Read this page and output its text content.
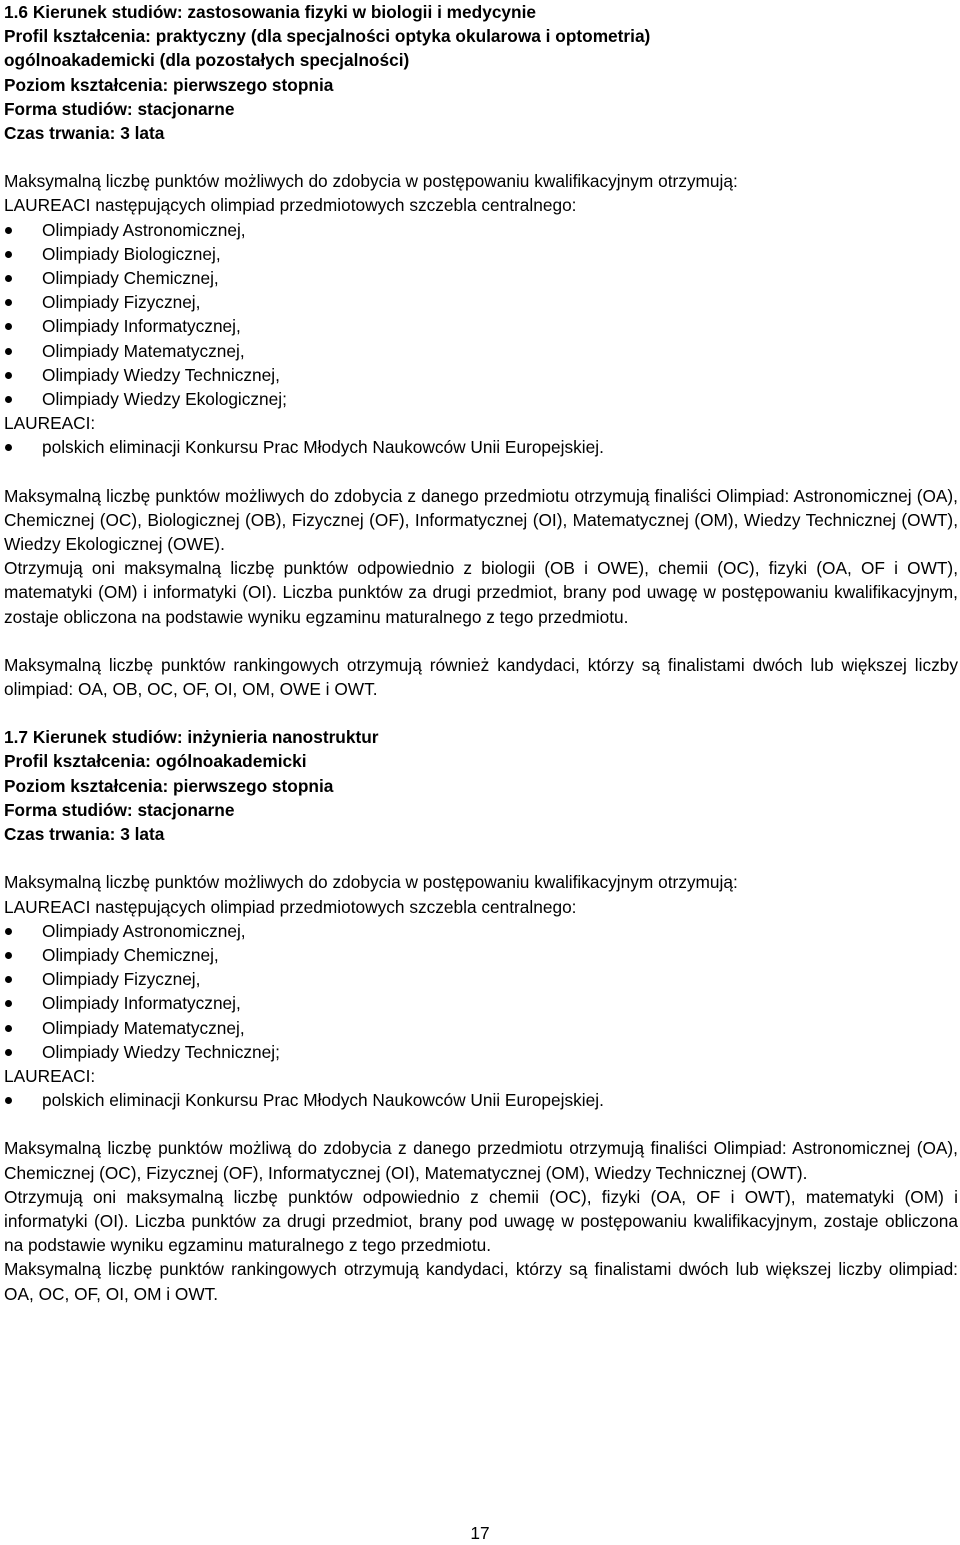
1.6 Kierunek studiów: zastosowania fizyki w biologii i medycynie

Profil kształcenia: praktyczny (dla specjalności optyka okularowa i optometria)

ogólnoakademicki (dla pozostałych specjalności)

Poziom kształcenia: pierwszego stopnia

Forma studiów: stacjonarne

Czas trwania: 3 lata

Maksymalną liczbę punktów możliwych do zdobycia w postępowaniu kwalifikacyjnym otrzymują:

LAUREACI następujących olimpiad przedmiotowych szczebla centralnego:

Olimpiady Astronomicznej,
Olimpiady Biologicznej,
Olimpiady Chemicznej,
Olimpiady Fizycznej,
Olimpiady Informatycznej,
Olimpiady Matematycznej,
Olimpiady Wiedzy Technicznej,
Olimpiady Wiedzy Ekologicznej;

LAUREACI:

polskich eliminacji Konkursu Prac Młodych Naukowców Unii Europejskiej.

Maksymalną liczbę punktów możliwych do zdobycia z danego przedmiotu otrzymują finaliści Olimpiad: Astronomicznej (OA), Chemicznej (OC), Biologicznej (OB), Fizycznej (OF), Informatycznej (OI), Matematycznej (OM), Wiedzy Technicznej (OWT), Wiedzy Ekologicznej (OWE).

Otrzymują oni maksymalną liczbę punktów odpowiednio z biologii (OB i OWE), chemii (OC), fizyki (OA, OF i OWT), matematyki (OM) i informatyki (OI). Liczba punktów za drugi przedmiot, brany pod uwagę w postępowaniu kwalifikacyjnym, zostaje obliczona na podstawie wyniku egzaminu maturalnego z tego przedmiotu.

Maksymalną liczbę punktów rankingowych otrzymują również kandydaci, którzy są finalistami dwóch lub większej liczby olimpiad: OA, OB, OC, OF, OI, OM, OWE i OWT.

1.7 Kierunek studiów: inżynieria nanostruktur

Profil kształcenia: ogólnoakademicki

Poziom kształcenia: pierwszego stopnia

Forma studiów: stacjonarne

Czas trwania: 3 lata

Maksymalną liczbę punktów możliwych do zdobycia w postępowaniu kwalifikacyjnym otrzymują:

LAUREACI następujących olimpiad przedmiotowych szczebla centralnego:

Olimpiady Astronomicznej,
Olimpiady Chemicznej,
Olimpiady Fizycznej,
Olimpiady Informatycznej,
Olimpiady Matematycznej,
Olimpiady Wiedzy Technicznej;

LAUREACI:

polskich eliminacji Konkursu Prac Młodych Naukowców Unii Europejskiej.

Maksymalną liczbę punktów możliwą do zdobycia z danego przedmiotu otrzymują finaliści Olimpiad: Astronomicznej (OA), Chemicznej (OC), Fizycznej (OF), Informatycznej (OI), Matematycznej (OM), Wiedzy Technicznej (OWT).

Otrzymują oni maksymalną liczbę punktów odpowiednio z chemii (OC), fizyki (OA, OF i OWT), matematyki (OM) i informatyki (OI). Liczba punktów za drugi przedmiot, brany pod uwagę w postępowaniu kwalifikacyjnym, zostaje obliczona na podstawie wyniku egzaminu maturalnego z tego przedmiotu.

Maksymalną liczbę punktów rankingowych otrzymują kandydaci, którzy są finalistami dwóch lub większej liczby olimpiad: OA, OC, OF, OI, OM i OWT.

17
